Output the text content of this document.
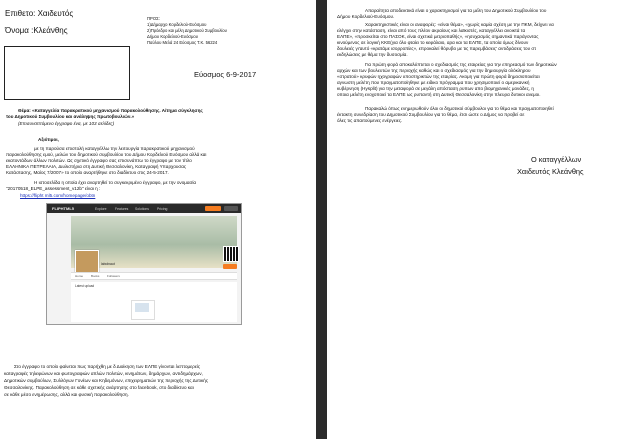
Επιθετο: Χαιδευτός
Όνομα :Κλεάνθης
ΠΡΟΣ:
1)Δήμαρχο Κορδελιού-Ευόσμου
2)Πρόεδρο και μέλη Δημοτικού Συμβουλίου
Δήμου Κορδελιού-Ευόσμου
Παύλου Μελά 24 Εύοσμος Τ.Κ. 56224
Εύοσμος 6-9-2017
Θέμα: «Καταγγελία παρακρατικού μηχανισμού παρακολούθησης. Αίτημα σύγκλησης
του Δημοτικού Συμβουλίου και ανάληψης πρωτοβουλιών.»
(Επισυναπτόμενο έγγραφο ένα, με 103 σελίδες)
Αξιότιμοι,
με τη παρούσα επιστολή καταγγέλλω την λειτουργία παρακρατικού μηχανισμού
παρακολούθησης εμού, μελών του δημοτικού συμβουλίου του Δήμου Κορδελιού Ευόσμου αλλά και
εκατοντάδων άλλων πολιτών. Ως σχετικό έγγραφο σας επισυνάπτω το έγγραφο με τον τίτλο
ΕΛΛΗΝΙΚΑ ΠΕΤΡΕΛΑΙΑ, Διυλιστήρια στη Δυτική Θεσσαλονίκη, Καταγραφή Υπαρχουσας
Κατάστασης, Μαίος 7/2007» το οποίο αναρτήθηκε στο διαδίκτυο στις 24-5-2017.
Η ιστοσελίδα η οποία έχει αναρτηθεί το συγκεκριμένο έγγραφο, με την ονομασία
"20170518_ELPE_assessment_v12b" είναι η :
https://flipht ml5.com/homepage/obtn
FLIPHTML5	Explore	Features Solutions Pricing
labolnaut
Home	Books	Followers
Latest upload
Στο έγγραφο το οποίο φαίνεται πως παρήχθη με δ Διοίκηση των ΕΛΠΕ γίνονται λεπτομερείς
καταγραφές τηλεφώνων και φωτογραφιών απλών πολιτών, κινημάτων, δημάρχων, αντιδημάρχων,
Δημοτικών συμβούλων, Συλλόγων Γονέων και Κηδεμόνων, επιχειρηματιών της περιοχής της Δυτικής
Θεσσαλονίκης. Παρακολούθηση σε κάθε σχετικής ανάρτησης στο facebook, στο διαδίκτυο και
σε κάθε μέσο ενημέρωσης, αλλά και φυσική παρακολούθηση.
Απαραίτητα αποδεικτικά είναι ο χαρακτηρισμοί για τα μέλη του Δημοτικού Συμβουλίου του
Δήμου Κορδελιού-Ευόσμου.
Χαρακτηριστικές είναι οι αναφορές: «είναι θέμα», «χωρίς καμία σχέση με την ΠΚΜ, δείχνει να
ελέγχει στην κατάσταση, είναι από τους πλέον ακραίους και λαϊκιστές, καταγγέλλει ανοικτά τα
ΕΛΠΕ», «προσκείται στο ΠΑΣΟΚ, είναι σχετικά μετριοπαθής», «ησυχασμός σημαντικά παράγοντας
κινούμενος σε λογική ΚΚΕ(για όλο φταίει το κεφάλαιο, αρα και τα ΕΛΠΕ, τα οποία όμως δίνουν
δουλειές γι'αυτό «κρατάμε ισορροπίες», επροκαλεί θόρυβο με τις παρεμβάσεις' αντιδράσεις του στ
εκδηλώσεις με θέμα την δυσοσμία.
Για πρώτη φορά αποκαλύπτεται ο σχεδιασμός της εταιρείας για την επηρεασμό των δημοτικών
αρχών και των βουλευτών της περιοχής καθώς και ο σχεδιασμός για την δημιουργία ολόκληρου
«στρατού» κρυφών ηχογραφών υποστηρικτών της εταιρίας. Ακομη για πρώτη φορά δημοσιοποιείται
αγνωστη μελέτη που πραγματοποίηθηκε με ειδικο πρόγραμμα που χρησιμοποιεί ο αμερικανική
κυβέρνηση (Hysplit) για την μεταφορά σε μεγάλη απόσταση ρυπων απο βιομηχανικές μονάδες, η
οποια μελέτη ενοχοποιεί τα ΕΛΠΕ ως ρυπαντή στη Δυτική Θεσσαλονίκη στην πλευρα δυτικοι ανεμοι.
Παρακαλώ όπως ενημερωθούν όλοι οι δημοτικοί σύμβουλοι για το θέμα και πραγματοποιηθεί
έκτακτη συνεδρίαση του Δημοτικού Συμβουλίου για το θέμα, έτσι ώστε ο Δήμος να προβεί σε
όλες τις απαιτούμενες ενέργειες.
Ο καταγγέλλων
Χαιδευτός Κλεάνθης
